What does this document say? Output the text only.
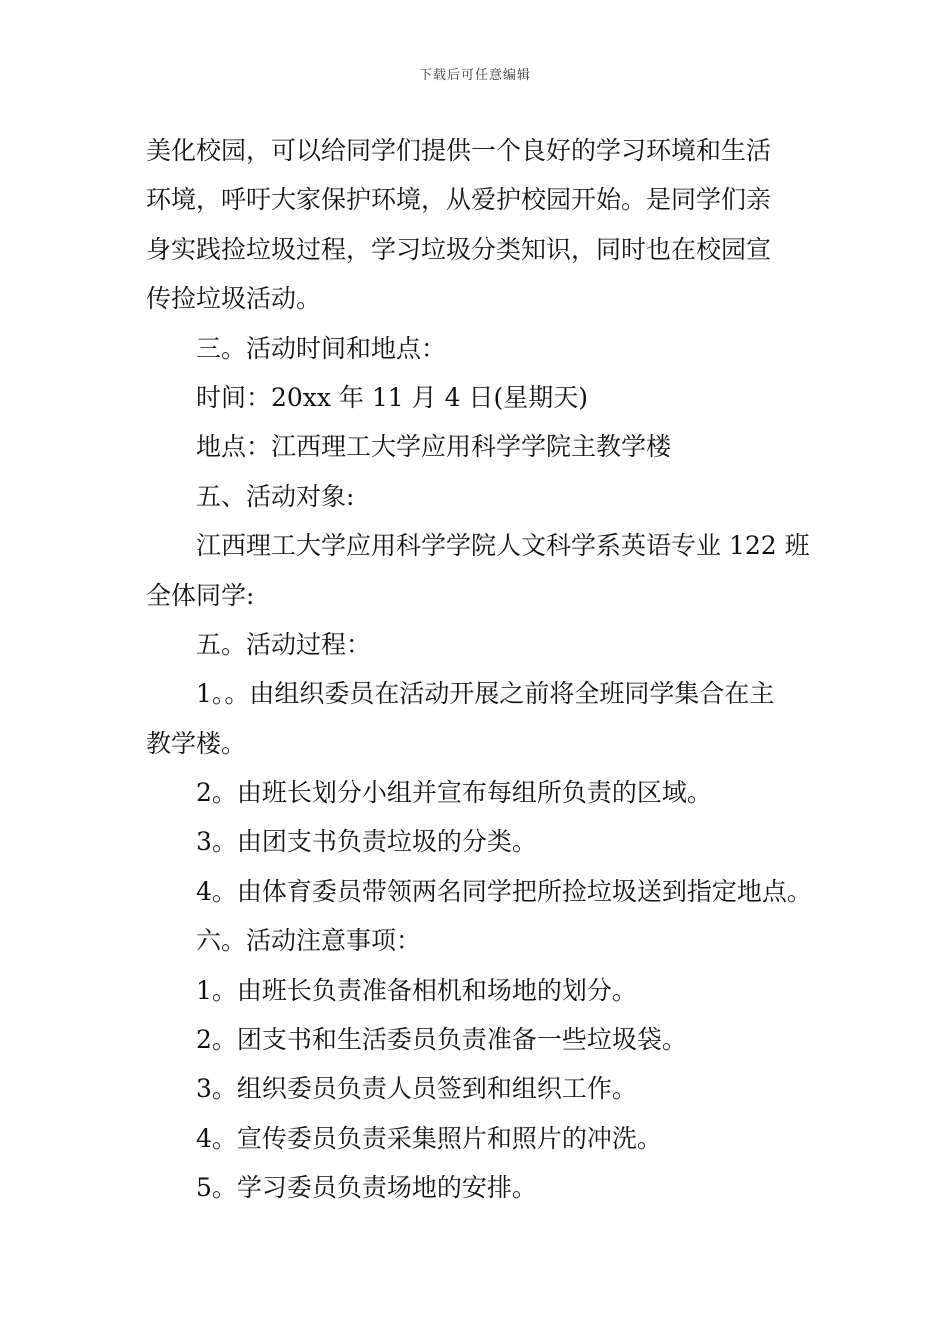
下载后可任意编辑
美化校园，可以给同学们提供一个良好的学习环境和生活
环境，呼吁大家保护环境，从爱护校园开始。是同学们亲
身实践捡垃圾过程，学习垃圾分类知识，同时也在校园宣
传捡垃圾活动。
三。活动时间和地点：
时间：20xx 年 11 月 4 日(星期天)
地点：江西理工大学应用科学学院主教学楼
五、活动对象:
江西理工大学应用科学学院人文科学系英语专业 122 班
全体同学:
五。活动过程：
1。。由组织委员在活动开展之前将全班同学集合在主
教学楼。
2。由班长划分小组并宣布每组所负责的区域。
3。由团支书负责垃圾的分类。
4。由体育委员带领两名同学把所捡垃圾送到指定地点。
六。活动注意事项：
1。由班长负责准备相机和场地的划分。
2。团支书和生活委员负责准备一些垃圾袋。
3。组织委员负责人员签到和组织工作。
4。宣传委员负责采集照片和照片的冲洗。
5。学习委员负责场地的安排。
